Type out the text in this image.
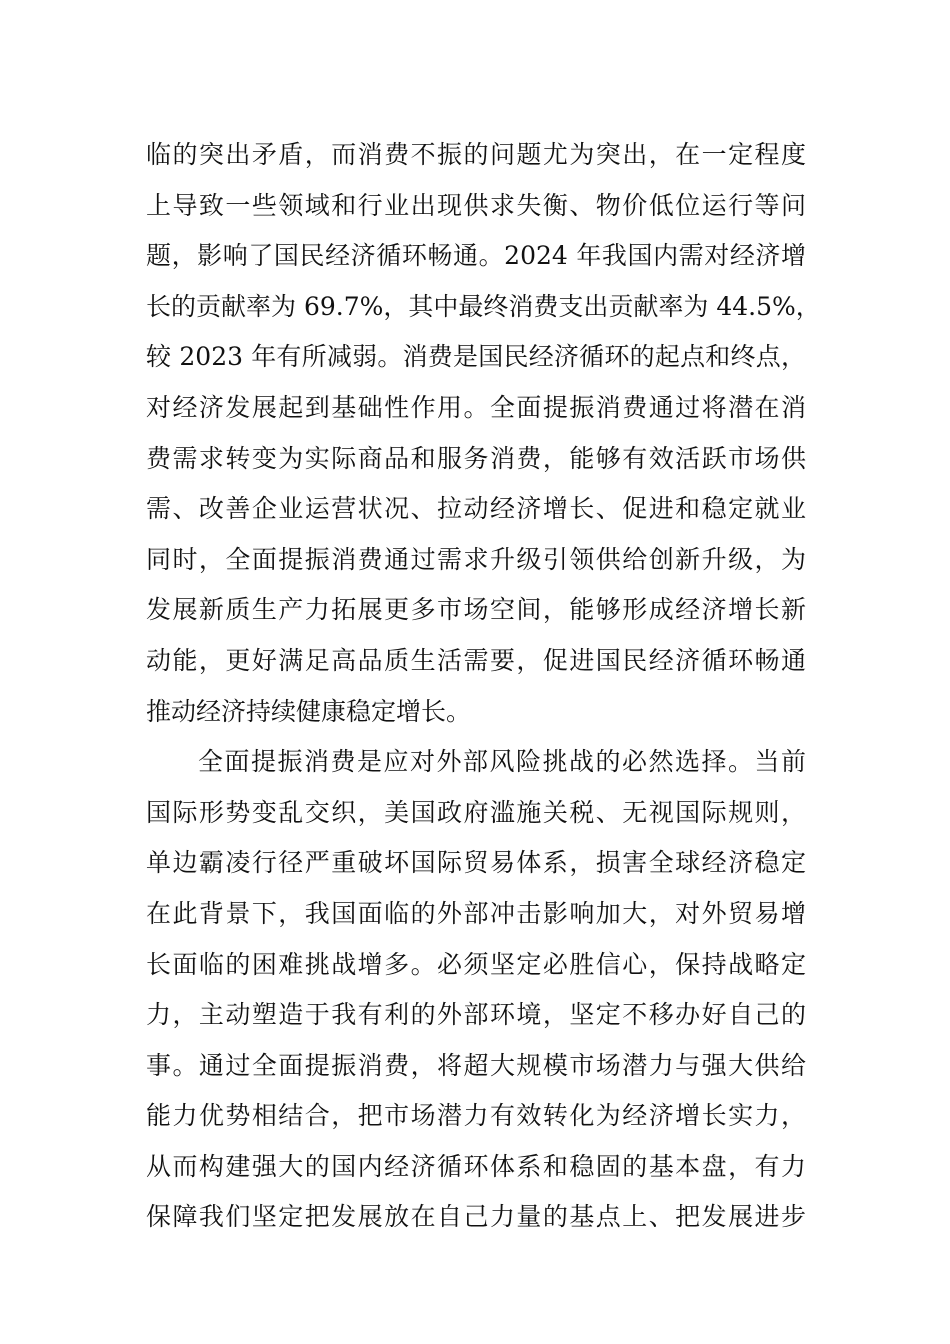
临的突出矛盾，而消费不振的问题尤为突出，在一定程度
上导致一些领域和行业出现供求失衡、物价低位运行等问
题，影响了国民经济循环畅通。2024 年我国内需对经济增
长的贡献率为 69.7%，其中最终消费支出贡献率为 44.5%，
较 2023 年有所减弱。消费是国民经济循环的起点和终点，
对经济发展起到基础性作用。全面提振消费通过将潜在消
费需求转变为实际商品和服务消费，能够有效活跃市场供
需、改善企业运营状况、拉动经济增长、促进和稳定就业
同时，全面提振消费通过需求升级引领供给创新升级，为
发展新质生产力拓展更多市场空间，能够形成经济增长新
动能，更好满足高品质生活需要，促进国民经济循环畅通
推动经济持续健康稳定增长。
全面提振消费是应对外部风险挑战的必然选择。当前
国际形势变乱交织，美国政府滥施关税、无视国际规则，
单边霸凌行径严重破坏国际贸易体系，损害全球经济稳定
在此背景下，我国面临的外部冲击影响加大，对外贸易增
长面临的困难挑战增多。必须坚定必胜信心，保持战略定
力，主动塑造于我有利的外部环境，坚定不移办好自己的
事。通过全面提振消费，将超大规模市场潜力与强大供给
能力优势相结合，把市场潜力有效转化为经济增长实力，
从而构建强大的国内经济循环体系和稳固的基本盘，有力
保障我们坚定把发展放在自己力量的基点上、把发展进步
